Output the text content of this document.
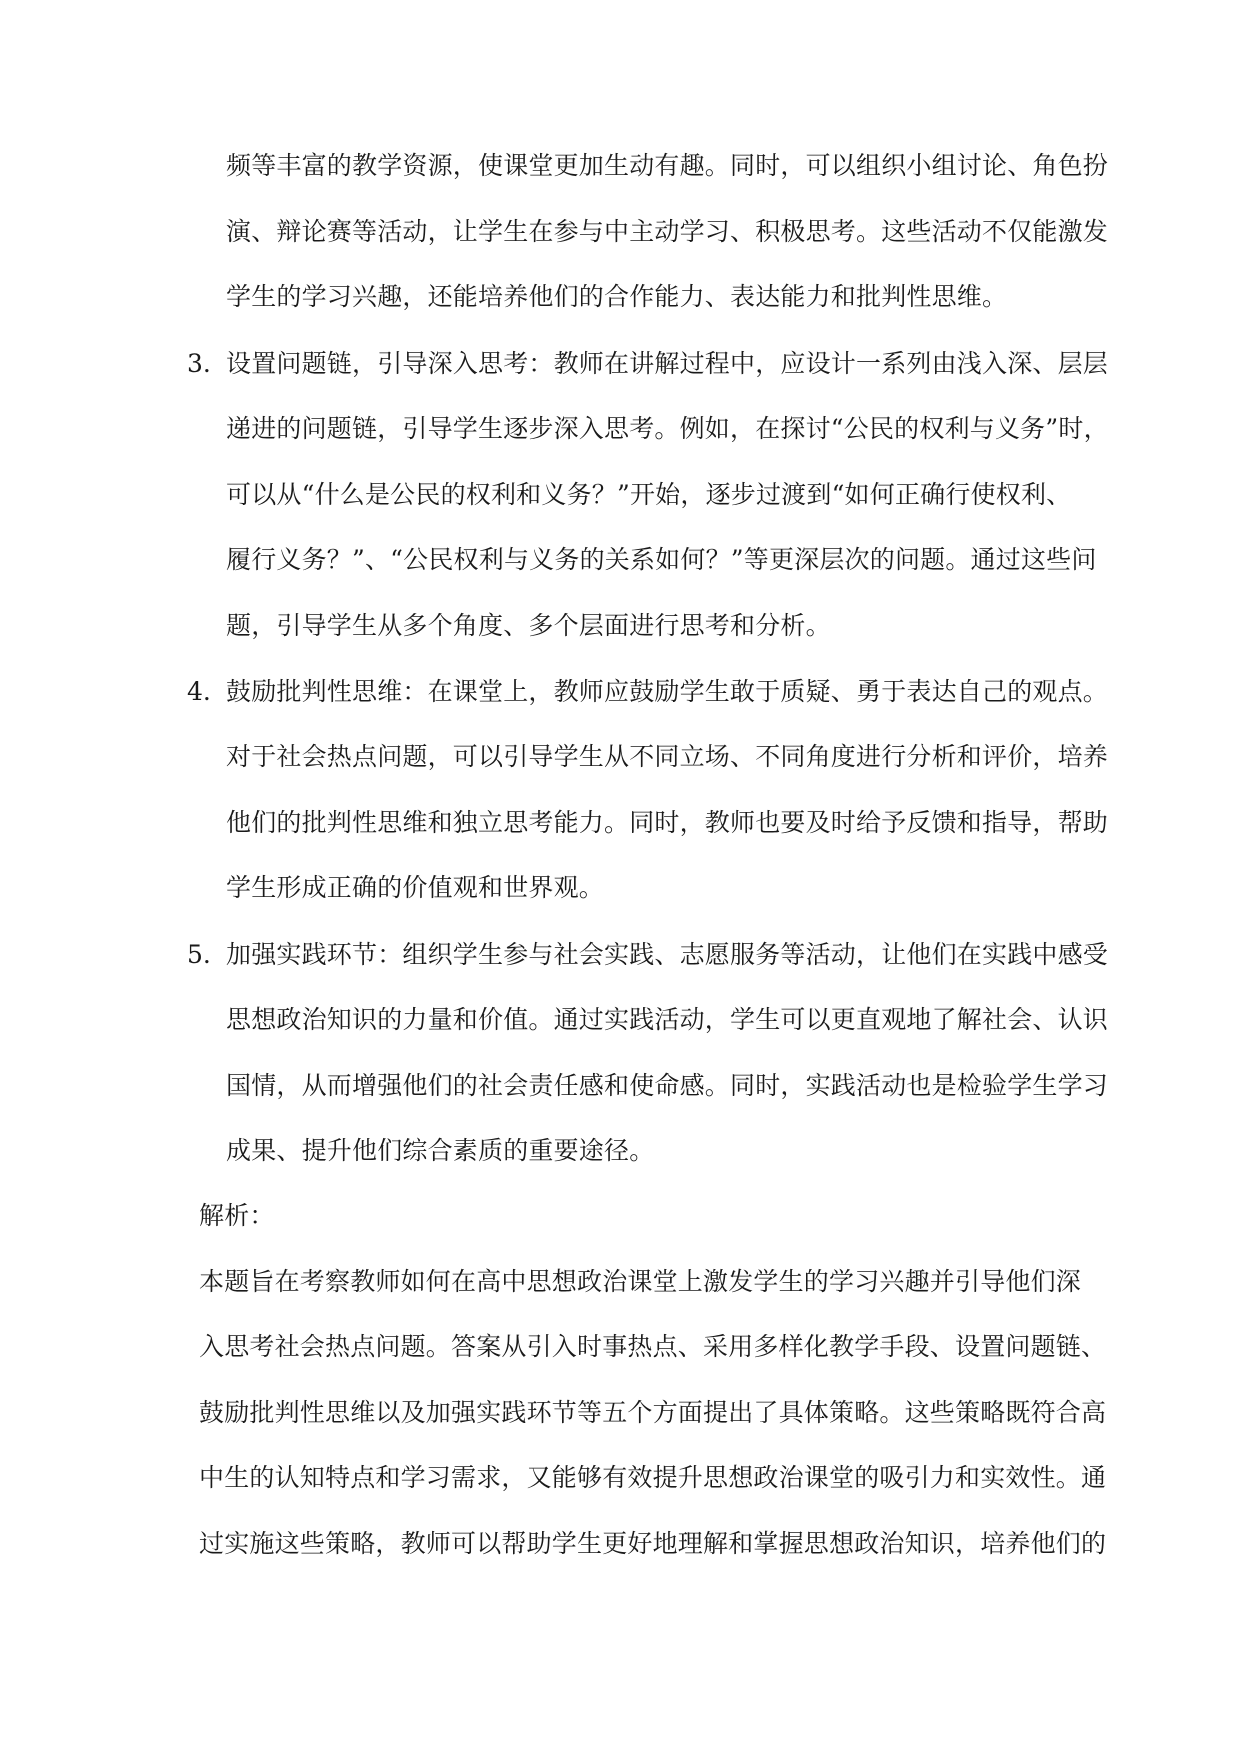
频等丰富的教学资源，使课堂更加生动有趣。同时，可以组织小组讨论、角色扮
演、辩论赛等活动，让学生在参与中主动学习、积极思考。这些活动不仅能激发
学生的学习兴趣，还能培养他们的合作能力、表达能力和批判性思维。
3. 设置问题链，引导深入思考：教师在讲解过程中，应设计一系列由浅入深、层层
递进的问题链，引导学生逐步深入思考。例如，在探讨“公民的权利与义务”时，
可以从“什么是公民的权利和义务？”开始，逐步过渡到“如何正确行使权利、
履行义务？”、“公民权利与义务的关系如何？”等更深层次的问题。通过这些问
题，引导学生从多个角度、多个层面进行思考和分析。
4. 鼓励批判性思维：在课堂上，教师应鼓励学生敢于质疑、勇于表达自己的观点。
对于社会热点问题，可以引导学生从不同立场、不同角度进行分析和评价，培养
他们的批判性思维和独立思考能力。同时，教师也要及时给予反馈和指导，帮助
学生形成正确的价值观和世界观。
5. 加强实践环节：组织学生参与社会实践、志愿服务等活动，让他们在实践中感受
思想政治知识的力量和价值。通过实践活动，学生可以更直观地了解社会、认识
国情，从而增强他们的社会责任感和使命感。同时，实践活动也是检验学生学习
成果、提升他们综合素质的重要途径。
解析：
本题旨在考察教师如何在高中思想政治课堂上激发学生的学习兴趣并引导他们深
入思考社会热点问题。答案从引入时事热点、采用多样化教学手段、设置问题链、
鼓励批判性思维以及加强实践环节等五个方面提出了具体策略。这些策略既符合高
中生的认知特点和学习需求，又能够有效提升思想政治课堂的吸引力和实效性。通
过实施这些策略，教师可以帮助学生更好地理解和掌握思想政治知识，培养他们的
